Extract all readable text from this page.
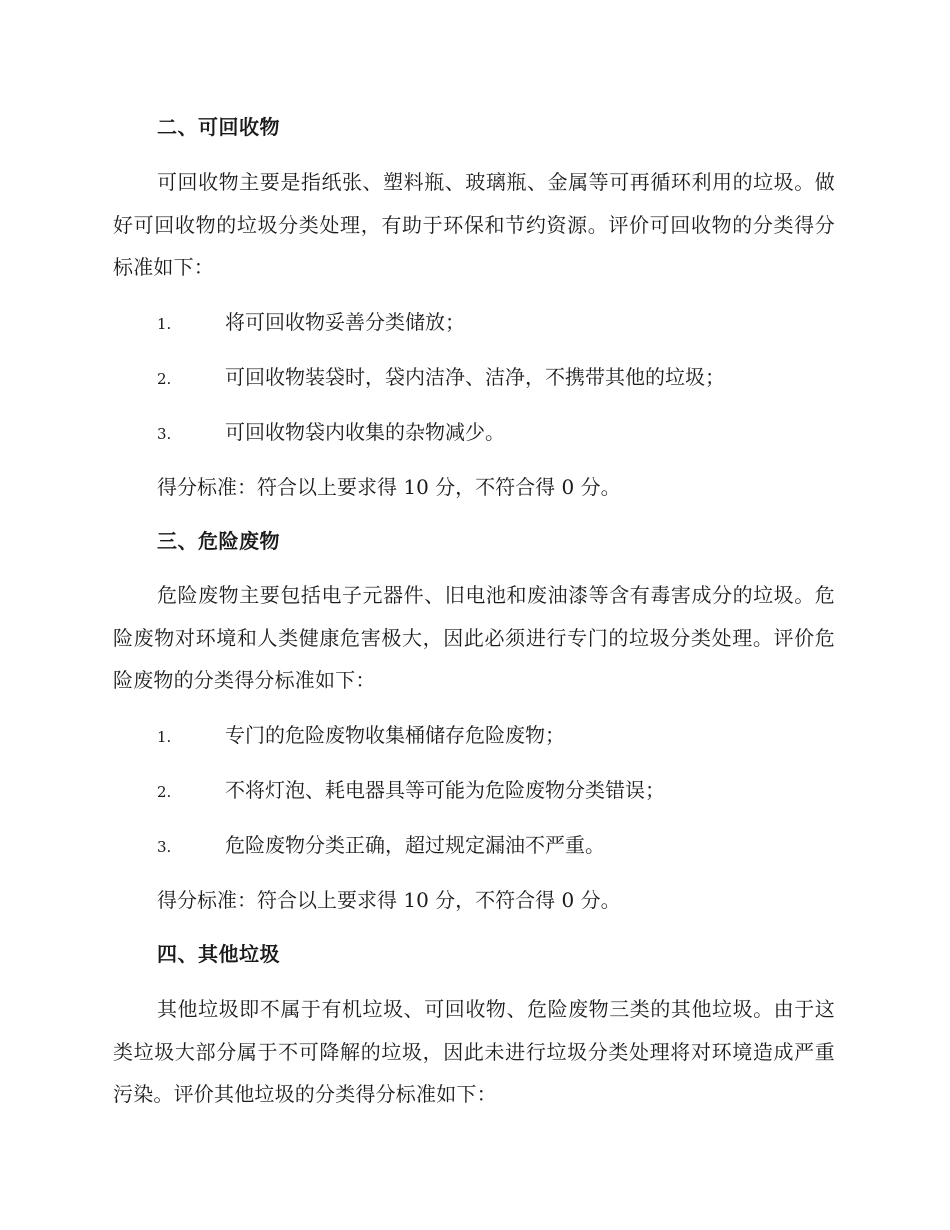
二、可回收物
可回收物主要是指纸张、塑料瓶、玻璃瓶、金属等可再循环利用的垃圾。做好可回收物的垃圾分类处理，有助于环保和节约资源。评价可回收物的分类得分标准如下：
1.	将可回收物妥善分类储放；
2.	可回收物装袋时，袋内洁净、洁净，不携带其他的垃圾；
3.	可回收物袋内收集的杂物减少。
得分标准：符合以上要求得 10 分，不符合得 0 分。
三、危险废物
危险废物主要包括电子元器件、旧电池和废油漆等含有毒害成分的垃圾。危险废物对环境和人类健康危害极大，因此必须进行专门的垃圾分类处理。评价危险废物的分类得分标准如下：
1.	专门的危险废物收集桶储存危险废物；
2.	不将灯泡、耗电器具等可能为危险废物分类错误；
3.	危险废物分类正确，超过规定漏油不严重。
得分标准：符合以上要求得 10 分，不符合得 0 分。
四、其他垃圾
其他垃圾即不属于有机垃圾、可回收物、危险废物三类的其他垃圾。由于这类垃圾大部分属于不可降解的垃圾，因此未进行垃圾分类处理将对环境造成严重污染。评价其他垃圾的分类得分标准如下：
